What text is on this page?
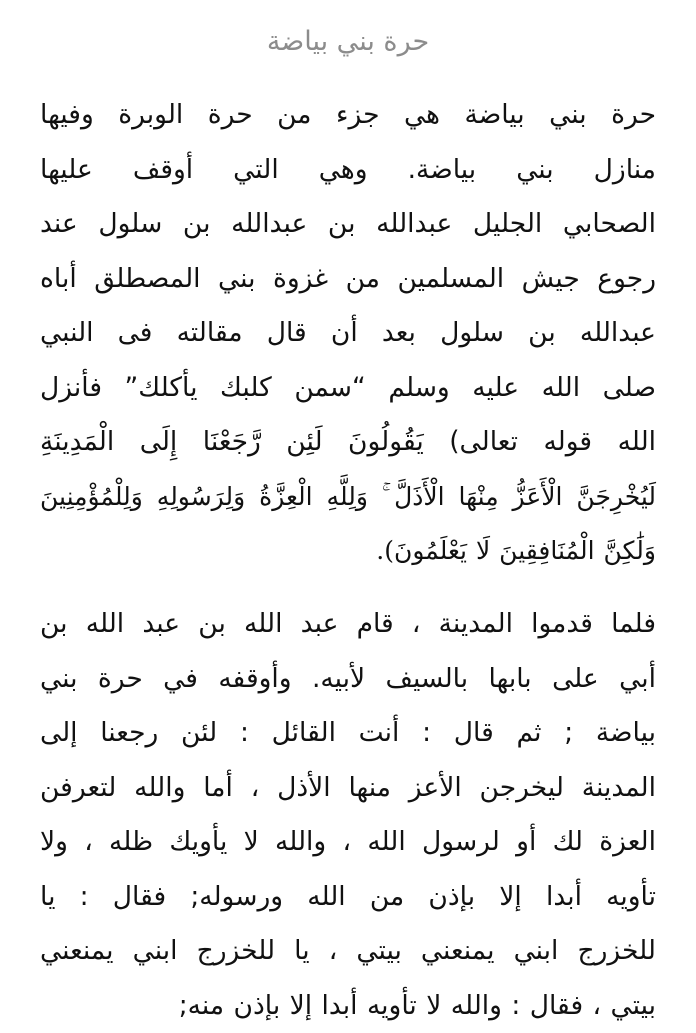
حرة بني بياضة

حرة بني بياضة هي جزء من حرة الوبرة وفيها
منازل بني بياضة. وهي التي أوقف عليها
الصحابي الجليل عبدالله بن عبدالله بن سلول عند
رجوع جيش المسلمين من غزوة بني المصطلق أباه
عبدالله بن سلول بعد أن قال مقالته فى النبي
صلى الله عليه وسلم “سمن كلبك يأكلك” فأنزل
الله قوله تعالى) يَقُولُونَ لَئِن رَّجَعْنَا إِلَى الْمَدِينَةِ
لَيُخْرِجَنَّ الْأَعَزُّ مِنْهَا الْأَذَلَّ ۚ وَلِلَّهِ الْعِزَّةُ وَلِرَسُولِهِ وَلِلْمُؤْمِنِينَ
وَلَٰكِنَّ الْمُنَافِقِينَ لَا يَعْلَمُونَ).

فلما قدموا المدينة ، قام عبد الله بن عبد الله بن
أبي على بابها بالسيف لأبيه. وأوقفه في حرة بني
بياضة ; ثم قال : أنت القائل : لئن رجعنا إلى
المدينة ليخرجن الأعز منها الأذل ، أما والله لتعرفن
العزة لك أو لرسول الله ، والله لا يأويك ظله ، ولا
تأويه أبدا إلا بإذن من الله ورسوله; فقال : يا
للخزرج ابني يمنعني بيتي ، يا للخزرج ابني يمنعني
بيتي ، فقال : والله لا تأويه أبدا إلا بإذن منه;
